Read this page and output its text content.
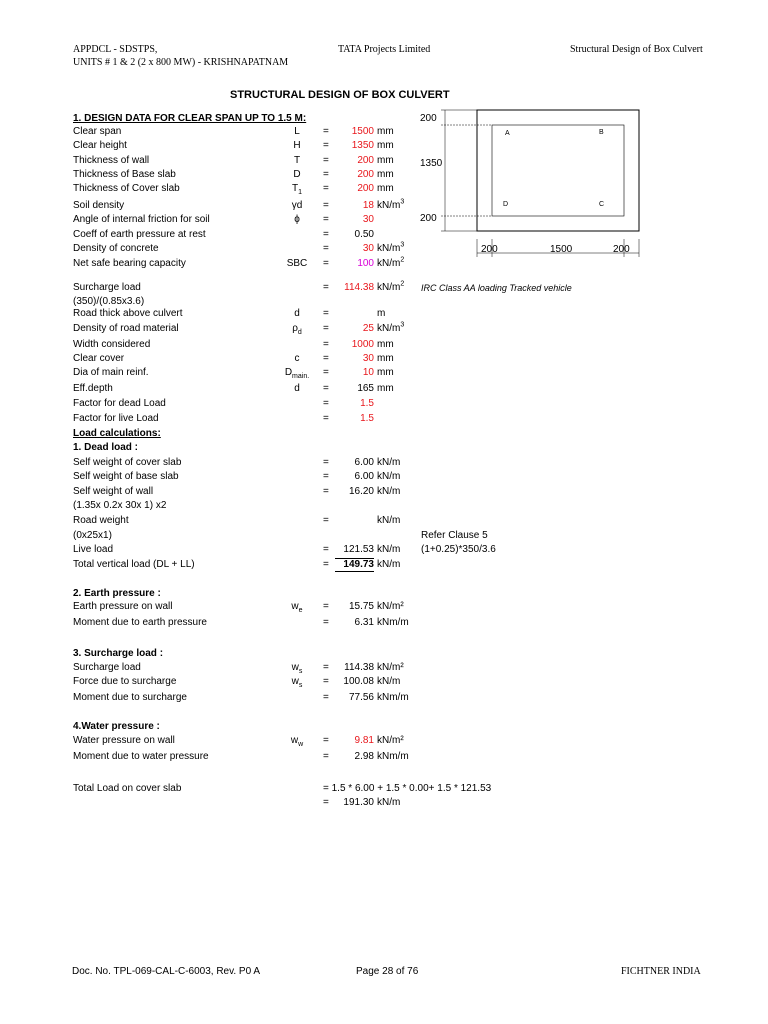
APPDCL - SDSTPS,
UNITS # 1 & 2 (2 x 800 MW) - KRISHNAPATNAM
TATA Projects Limited	Structural Design of Box Culvert
STRUCTURAL DESIGN OF BOX CULVERT
1. DESIGN DATA FOR CLEAR SPAN UP TO 1.5 M:
Clear span	L	= 1500 mm
Clear height	H	= 1350 mm
Thickness of wall	T	=	200 mm
Thickness of Base slab	D	=	200 mm
Thickness of Cover slab	$T_1$	=	200 mm
Soil density	γd	=	18 $kN/m^3$
Angle of internal friction for soil	ϕ	=	30
Coeff of earth pressure at rest	=	0.50
Density of concrete	=	30 $kN/m^3$
Net safe bearing capacity	SBC	=	100 $kN/m^2$
Surcharge load	= 114.38 $kN/m^2$ IRC Class AA loading Tracked vehicle
(350)/(0.85x3.6)
Road thick above culvert	d	=	m
Density of road material	$\rho_d$	=	25 $kN/m^3$
Width considered	= 1000 mm
Clear cover	c	=	30 mm
Dia of main reinf.	$D_{main.}$	=	10 mm
Eff.depth	d	=	165 mm
Factor for dead Load	=	1.5
Factor for live Load	=	1.5
Load calculations:
1. Dead load :
Self weight of cover slab	=	6.00 kN/m
Self weight of base slab	=	6.00 kN/m
Self weight of wall	= 16.20 kN/m
(1.35x 0.2x 30x 1) x2
Road weight	=	kN/m
(0x25x1)	Refer Clause 5
Live load	= 121.53 kN/m (1+0.25)*350/3.6
Total vertical load (DL + LL)	=	149.73 kN/m
2. Earth pressure :
Earth pressure on wall	$w_e$	= 15.75 kN/m²
Moment due to earth pressure	=	6.31 kNm/m
3. Surcharge load :
Surcharge load	$w_s$	= 114.38 kN/m²
Force due to surcharge	$w_s$	= 100.08 kN/m
Moment due to surcharge	= 77.56 kNm/m
4.Water pressure :
Water pressure on wall	$w_w$	=	9.81 kN/m²
Moment due to water pressure	=	2.98 kNm/m
Total Load on cover slab	= 1.5 * 6.00 + 1.5 * 0.00+ 1.5 * 121.53
= 191.30 kN/m
200
1350
200
A	B
D	C
200	1500	200
Doc. No. TPL-069-CAL-C-6003, Rev. P0 A	Page 28 of 76	FICHTNER INDIA
